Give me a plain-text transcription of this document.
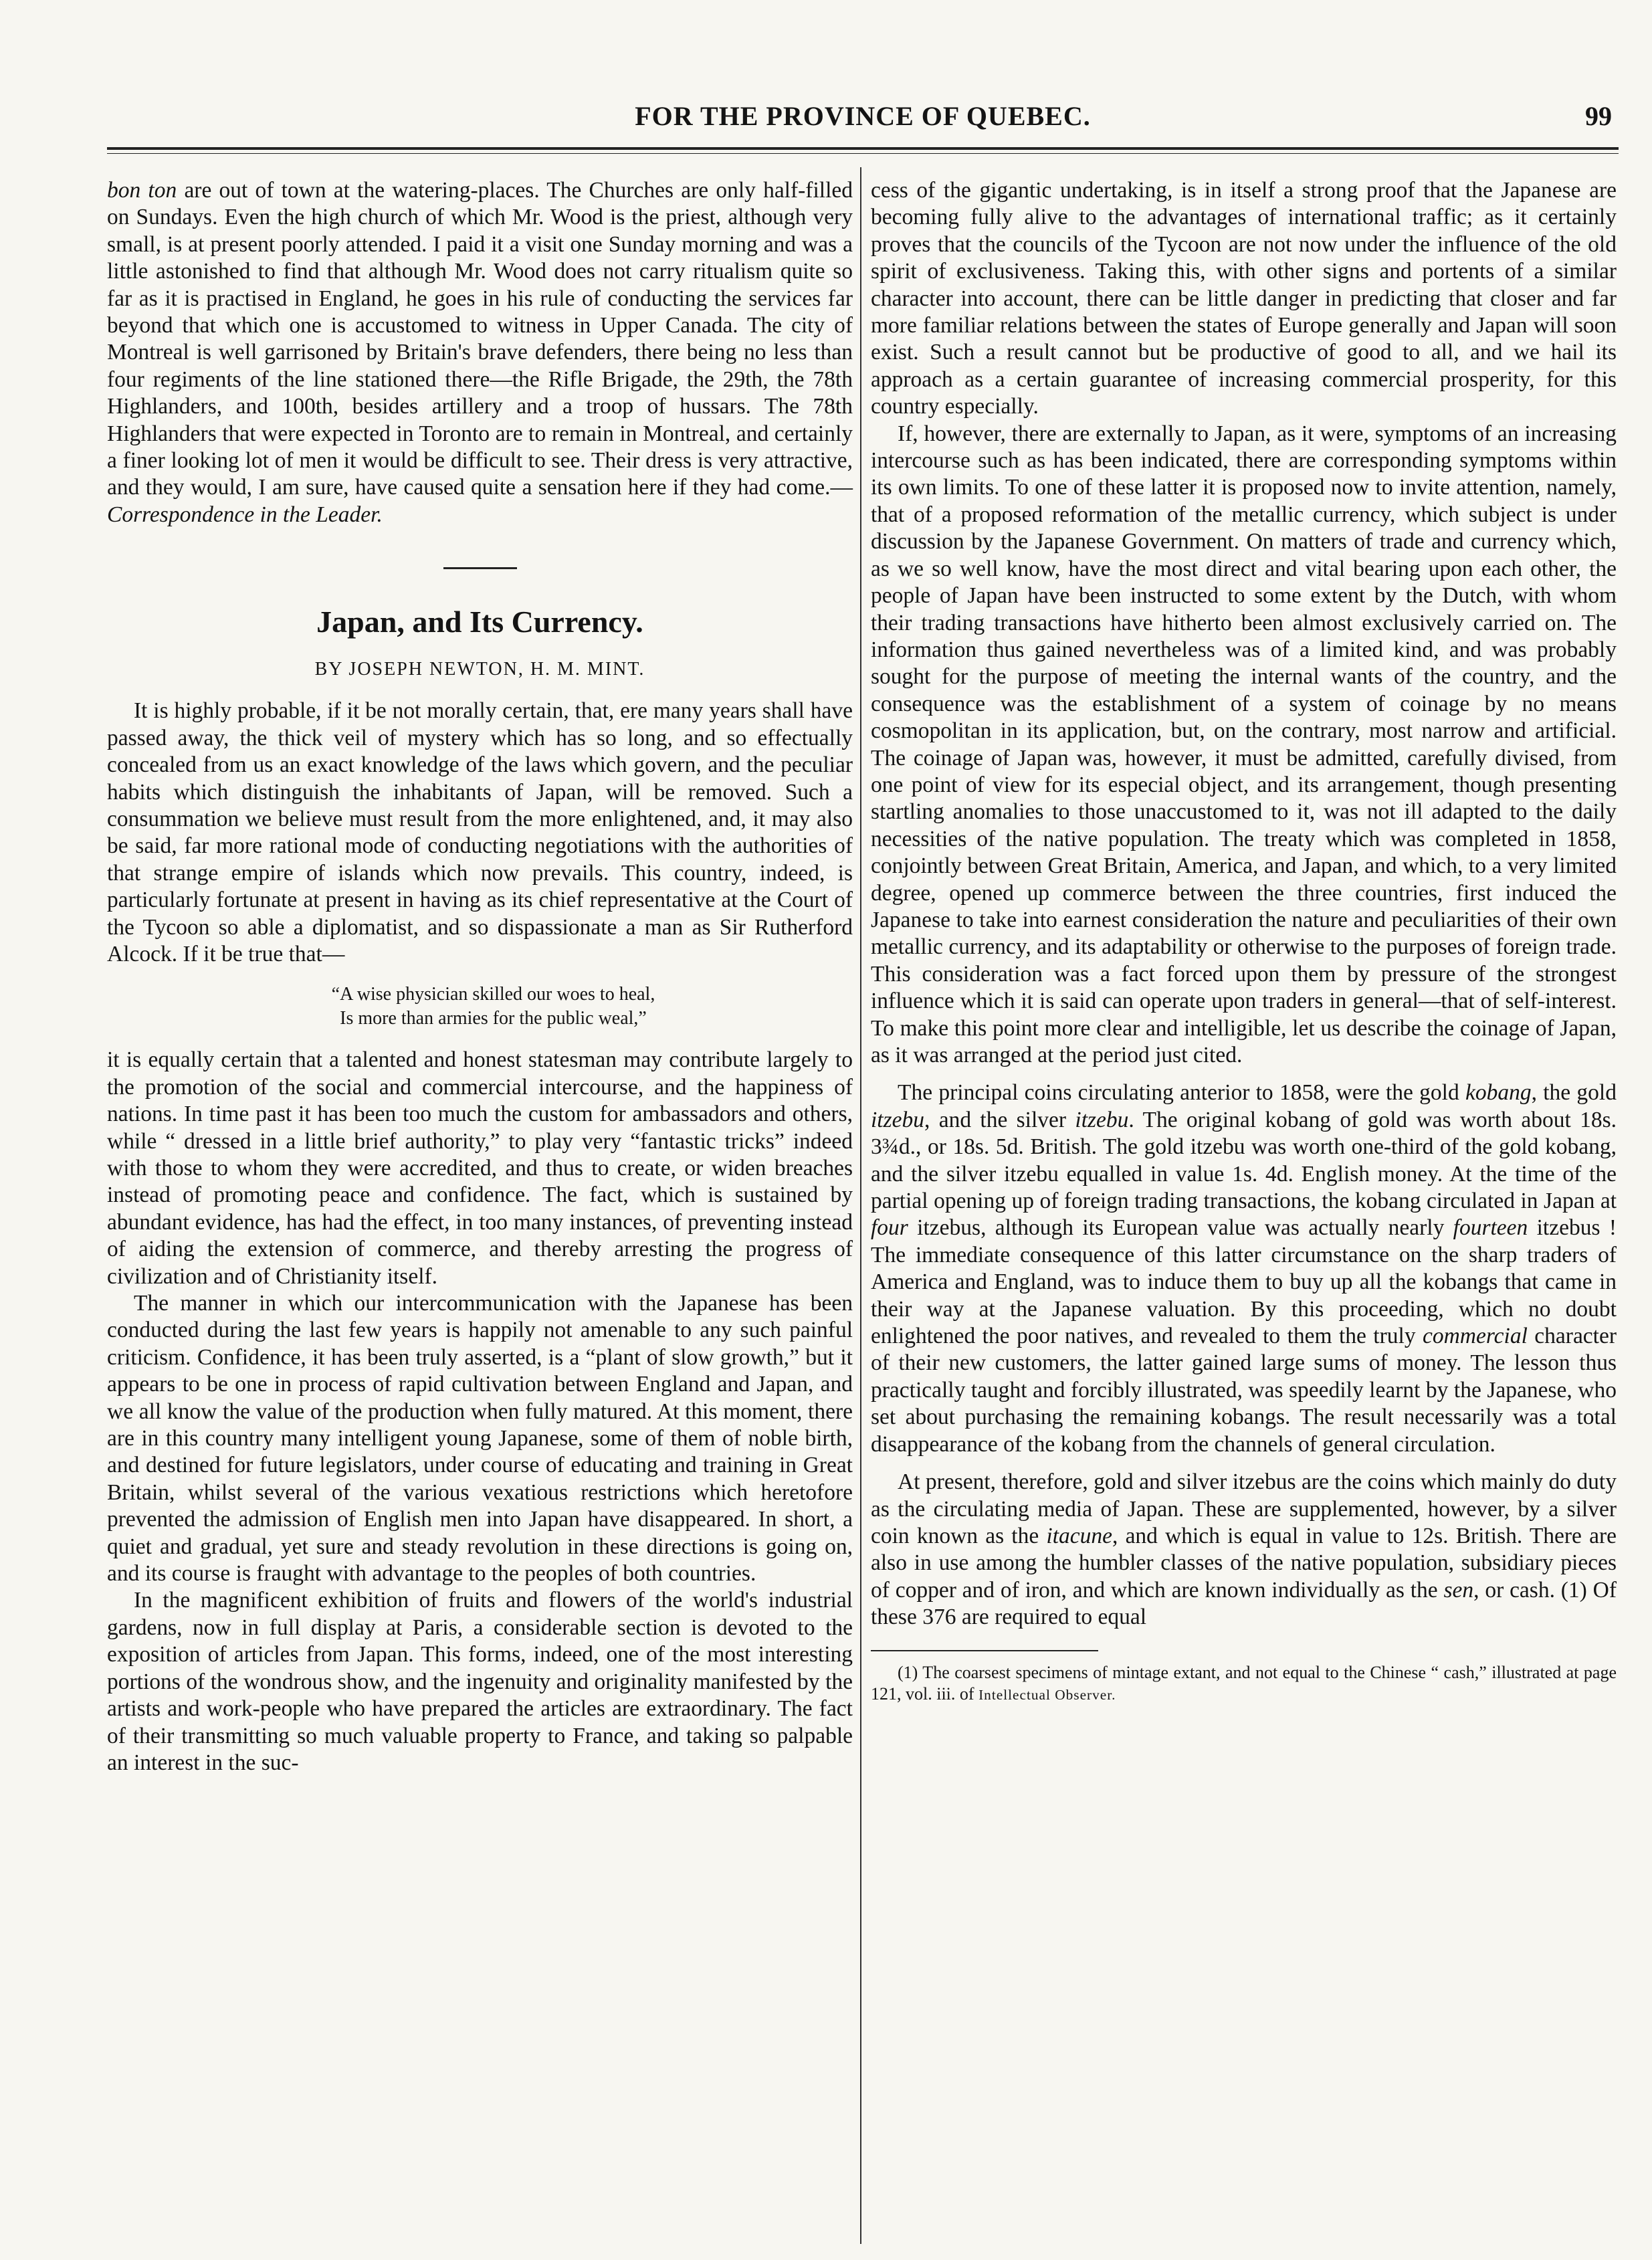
FOR THE PROVINCE OF QUEBEC.	99

bon ton are out of town at the watering-places. The Churches are only half-filled on Sundays. Even the high church of which Mr. Wood is the priest, although very small, is at present poorly attended. I paid it a visit one Sunday morning and was a little astonished to find that although Mr. Wood does not carry ritualism quite so far as it is practised in England, he goes in his rule of conducting the services far beyond that which one is accustomed to witness in Upper Canada. The city of Montreal is well garrisoned by Britain's brave defenders, there being no less than four regiments of the line stationed there—the Rifle Brigade, the 29th, the 78th Highlanders, and 100th, besides artillery and a troop of hussars. The 78th Highlanders that were expected in Toronto are to remain in Montreal, and certainly a finer looking lot of men it would be difficult to see. Their dress is very attractive, and they would, I am sure, have caused quite a sensation here if they had come.—Correspondence in the Leader.

Japan, and Its Currency.
BY JOSEPH NEWTON, H. M. MINT.

It is highly probable, if it be not morally certain, that, ere many years shall have passed away, the thick veil of mystery which has so long, and so effectually concealed from us an exact knowledge of the laws which govern, and the peculiar habits which distinguish the inhabitants of Japan, will be removed. Such a consummation we believe must result from the more enlightened, and, it may also be said, far more rational mode of conducting negotiations with the authorities of that strange empire of islands which now prevails. This country, indeed, is particularly fortunate at present in having as its chief representative at the Court of the Tycoon so able a diplomatist, and so dispassionate a man as Sir Rutherford Alcock. If it be true that—

“A wise physician skilled our woes to heal,
Is more than armies for the public weal,”

it is equally certain that a talented and honest statesman may contribute largely to the promotion of the social and commercial intercourse, and the happiness of nations. In time past it has been too much the custom for ambassadors and others, while “ dressed in a little brief authority,” to play very “fantastic tricks” indeed with those to whom they were accredited, and thus to create, or widen breaches instead of promoting peace and confidence. The fact, which is sustained by abundant evidence, has had the effect, in too many instances, of preventing instead of aiding the extension of commerce, and thereby arresting the progress of civilization and of Christianity itself.

The manner in which our intercommunication with the Japanese has been conducted during the last few years is happily not amenable to any such painful criticism. Confidence, it has been truly asserted, is a “plant of slow growth,” but it appears to be one in process of rapid cultivation between England and Japan, and we all know the value of the production when fully matured. At this moment, there are in this country many intelligent young Japanese, some of them of noble birth, and destined for future legislators, under course of educating and training in Great Britain, whilst several of the various vexatious restrictions which heretofore prevented the admission of English men into Japan have disappeared. In short, a quiet and gradual, yet sure and steady revolution in these directions is going on, and its course is fraught with advantage to the peoples of both countries.

In the magnificent exhibition of fruits and flowers of the world's industrial gardens, now in full display at Paris, a considerable section is devoted to the exposition of articles from Japan. This forms, indeed, one of the most interesting portions of the wondrous show, and the ingenuity and originality manifested by the artists and work-people who have prepared the articles are extraordinary. The fact of their transmitting so much valuable property to France, and taking so palpable an interest in the suc-

cess of the gigantic undertaking, is in itself a strong proof that the Japanese are becoming fully alive to the advantages of international traffic; as it certainly proves that the councils of the Tycoon are not now under the influence of the old spirit of exclusiveness. Taking this, with other signs and portents of a similar character into account, there can be little danger in predicting that closer and far more familiar relations between the states of Europe generally and Japan will soon exist. Such a result cannot but be productive of good to all, and we hail its approach as a certain guarantee of increasing commercial prosperity, for this country especially.

If, however, there are externally to Japan, as it were, symptoms of an increasing intercourse such as has been indicated, there are corresponding symptoms within its own limits. To one of these latter it is proposed now to invite attention, namely, that of a proposed reformation of the metallic currency, which subject is under discussion by the Japanese Government. On matters of trade and currency which, as we so well know, have the most direct and vital bearing upon each other, the people of Japan have been instructed to some extent by the Dutch, with whom their trading transactions have hitherto been almost exclusively carried on. The information thus gained nevertheless was of a limited kind, and was probably sought for the purpose of meeting the internal wants of the country, and the consequence was the establishment of a system of coinage by no means cosmopolitan in its application, but, on the contrary, most narrow and artificial. The coinage of Japan was, however, it must be admitted, carefully divised, from one point of view for its especial object, and its arrangement, though presenting startling anomalies to those unaccustomed to it, was not ill adapted to the daily necessities of the native population. The treaty which was completed in 1858, conjointly between Great Britain, America, and Japan, and which, to a very limited degree, opened up commerce between the three countries, first induced the Japanese to take into earnest consideration the nature and peculiarities of their own metallic currency, and its adaptability or otherwise to the purposes of foreign trade. This consideration was a fact forced upon them by pressure of the strongest influence which it is said can operate upon traders in general—that of self-interest. To make this point more clear and intelligible, let us describe the coinage of Japan, as it was arranged at the period just cited.

The principal coins circulating anterior to 1858, were the gold kobang, the gold itzebu, and the silver itzebu. The original kobang of gold was worth about 18s. 3¾d., or 18s. 5d. British. The gold itzebu was worth one-third of the gold kobang, and the silver itzebu equalled in value 1s. 4d. English money. At the time of the partial opening up of foreign trading transactions, the kobang circulated in Japan at four itzebus, although its European value was actually nearly fourteen itzebus ! The immediate consequence of this latter circumstance on the sharp traders of America and England, was to induce them to buy up all the kobangs that came in their way at the Japanese valuation. By this proceeding, which no doubt enlightened the poor natives, and revealed to them the truly commercial character of their new customers, the latter gained large sums of money. The lesson thus practically taught and forcibly illustrated, was speedily learnt by the Japanese, who set about purchasing the remaining kobangs. The result necessarily was a total disappearance of the kobang from the channels of general circulation.

At present, therefore, gold and silver itzebus are the coins which mainly do duty as the circulating media of Japan. These are supplemented, however, by a silver coin known as the itacune, and which is equal in value to 12s. British. There are also in use among the humbler classes of the native population, subsidiary pieces of copper and of iron, and which are known individually as the sen, or cash. (1) Of these 376 are required to equal

(1) The coarsest specimens of mintage extant, and not equal to the Chinese “ cash,” illustrated at page 121, vol. iii. of Intellectual Observer.
